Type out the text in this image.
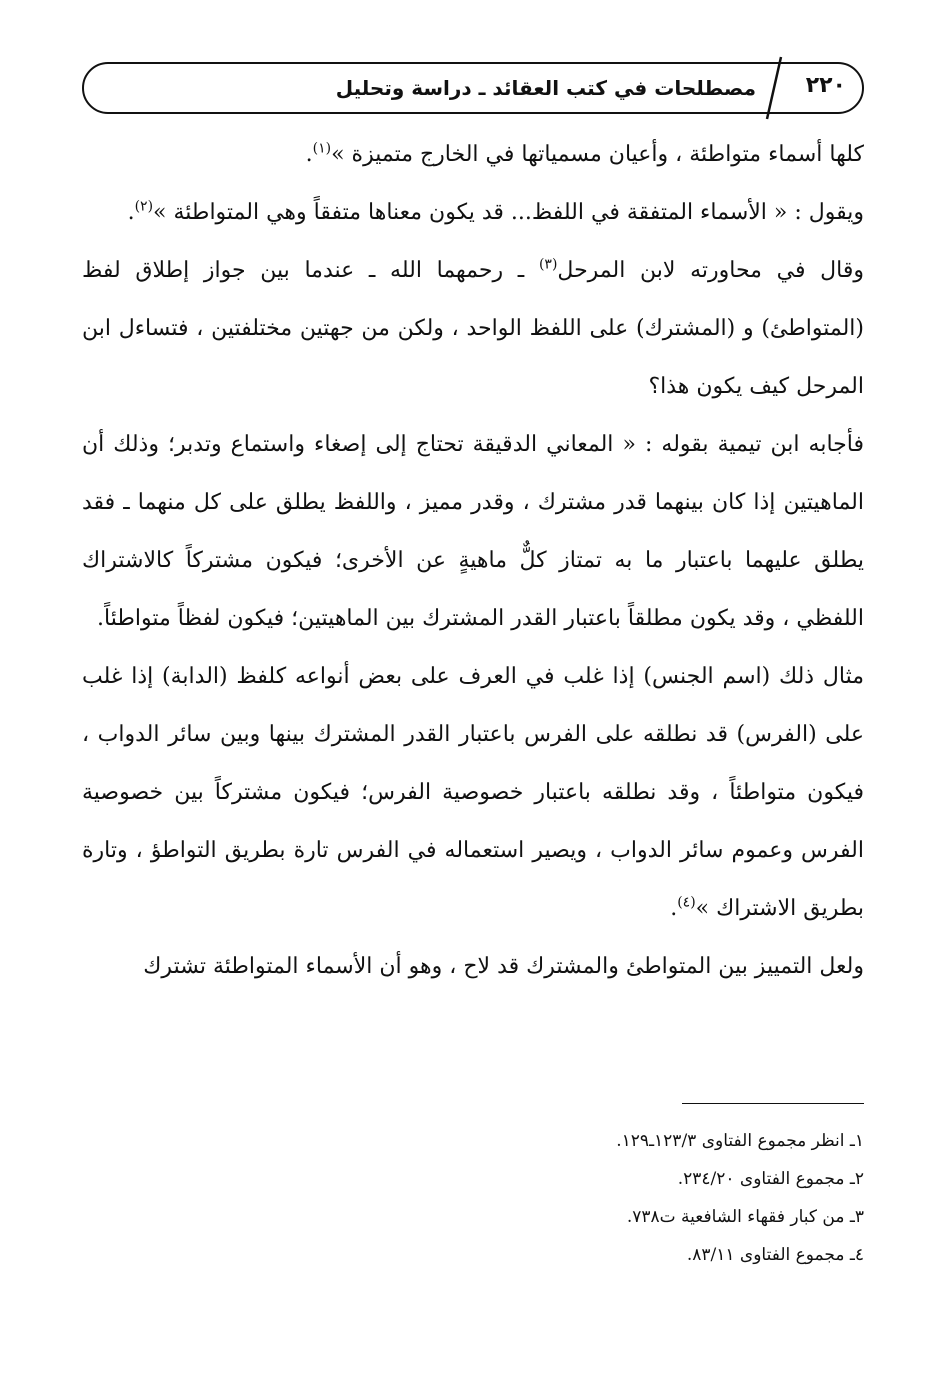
مصطلحات في كتب العقائد ـ دراسة وتحليل ٢٢٠

كلها أسماء متواطئة ، وأعيان مسمياتها في الخارج متميزة »$^{(١)}$.

ويقول : « الأسماء المتفقة في اللفظ... قد يكون معناها متفقاً وهي المتواطئة »$^{(٢)}$.

وقال في محاورته لابن المرحل$^{(٣)}$ ـ رحمهما الله ـ عندما بين جواز إطلاق لفظ (المتواطئ) و (المشترك) على اللفظ الواحد ، ولكن من جهتين مختلفتين ، فتساءل ابن المرحل كيف يكون هذا؟

فأجابه ابن تيمية بقوله : « المعاني الدقيقة تحتاج إلى إصغاء واستماع وتدبر؛ وذلك أن الماهيتين إذا كان بينهما قدر مشترك ، وقدر مميز ، واللفظ يطلق على كل منهما ـ فقد يطلق عليهما باعتبار ما به تمتاز كلٌّ ماهيةٍ عن الأخرى؛ فيكون مشتركاً كالاشتراك اللفظي ، وقد يكون مطلقاً باعتبار القدر المشترك بين الماهيتين؛ فيكون لفظاً متواطئاً.

مثال ذلك (اسم الجنس) إذا غلب في العرف على بعض أنواعه كلفظ (الدابة) إذا غلب على (الفرس) قد نطلقه على الفرس باعتبار القدر المشترك بينها وبين سائر الدواب ، فيكون متواطئاً ، وقد نطلقه باعتبار خصوصية الفرس؛ فيكون مشتركاً بين خصوصية الفرس وعموم سائر الدواب ، ويصير استعماله في الفرس تارة بطريق التواطؤ ، وتارة بطريق الاشتراك »$^{(٤)}$.

ولعل التمييز بين المتواطئ والمشترك قد لاح ، وهو أن الأسماء المتواطئة تشترك

١ـ انظر مجموع الفتاوى ١٢٣/٣ـ١٢٩.

٢ـ مجموع الفتاوى ٢٣٤/٢٠.

٣ـ من كبار فقهاء الشافعية ت٧٣٨.

٤ـ مجموع الفتاوى ٨٣/١١.
